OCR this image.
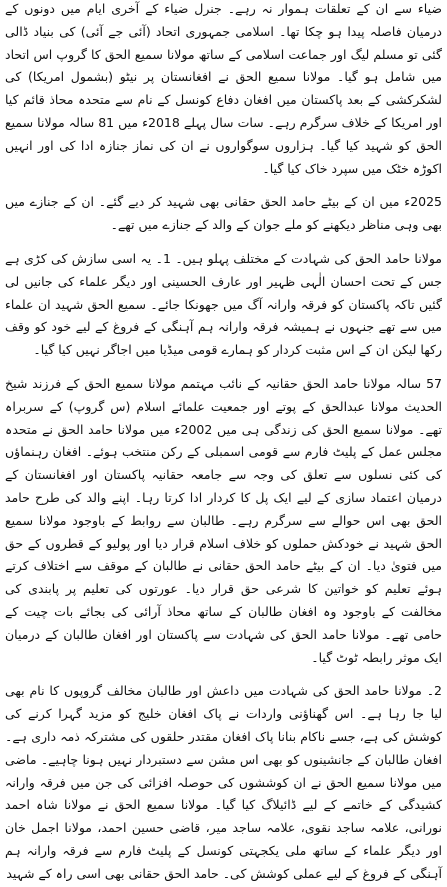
ضیاء سے ان کے تعلقات ہموار نہ رہے۔ جنرل ضیاء کے آخری ایام میں دونوں کے درمیان فاصلہ پیدا ہو چکا تھا۔ اسلامی جمہوری اتحاد (آئی جے آئی) کی بنیاد ڈالی گئی تو مسلم لیگ اور جماعت اسلامی کے ساتھ مولانا سمیع الحق کا گروپ اس اتحاد میں شامل ہو گیا۔ مولانا سمیع الحق نے افغانستان پر نیٹو (بشمول امریکا) کی لشکرکشی کے بعد پاکستان میں افغان دفاع کونسل کے نام سے متحدہ محاذ قائم کیا اور امریکا کے خلاف سرگرم رہے۔ سات سال پہلے 2018ء میں 81 سالہ مولانا سمیع الحق کو شہید کیا گیا۔ ہزاروں سوگواروں نے ان کی نماز جنازہ ادا کی اور انہیں اکوڑہ خٹک میں سپرد خاک کیا گیا۔

2025ء میں ان کے بیٹے حامد الحق حقانی بھی شہید کر دیے گئے۔ ان کے جنازے میں بھی وہی مناظر دیکھنے کو ملے جوان کے والد کے جنازے میں تھے۔

مولانا حامد الحق کی شہادت کے مختلف پہلو ہیں۔ 1۔ یہ اسی سازش کی کڑی ہے جس کے تحت احسان الٰہی ظہیر اور عارف الحسینی اور دیگر علماء کی جانیں لی گئیں تاکہ پاکستان کو فرقہ وارانہ آگ میں جھونکا جائے۔ سمیع الحق شہید ان علماء میں سے تھے جنہوں نے ہمیشہ فرقہ وارانہ ہم آہنگی کے فروغ کے لیے خود کو وقف رکھا لیکن ان کے اس مثبت کردار کو ہمارے قومی میڈیا میں اجاگر نہیں کیا گیا۔

57 سالہ مولانا حامد الحق حقانیہ کے نائب مہتمم مولانا سمیع الحق کے فرزند شیخ الحدیث مولانا عبدالحق کے پوتے اور جمعیت علمائے اسلام (س گروپ) کے سربراہ تھے۔ مولانا سمیع الحق کی زندگی ہی میں 2002ء میں مولانا حامد الحق نے متحدہ مجلس عمل کے پلیٹ فارم سے قومی اسمبلی کے رکن منتخب ہوئے۔ افغان رہنماؤں کی کئی نسلوں سے تعلق کی وجہ سے جامعہ حقانیہ پاکستان اور افغانستان کے درمیان اعتماد سازی کے لیے ایک پل کا کردار ادا کرتا رہا۔ اپنے والد کی طرح حامد الحق بھی اس حوالے سے سرگرم رہے۔ طالبان سے روابط کے باوجود مولانا سمیع الحق شہید نے خودکش حملوں کو خلاف اسلام قرار دیا اور پولیو کے قطروں کے حق میں فتویٰ دیا۔ ان کے بیٹے حامد الحق حقانی نے طالبان کے موقف سے اختلاف کرتے ہوئے تعلیم کو خواتین کا شرعی حق قرار دیا۔ عورتوں کی تعلیم پر پابندی کی مخالفت کے باوجود وہ افغان طالبان کے ساتھ محاذ آرائی کی بجائے بات چیت کے حامی تھے۔ مولانا حامد الحق کی شہادت سے پاکستان اور افغان طالبان کے درمیان ایک موثر رابطہ ٹوٹ گیا۔

2۔ مولانا حامد الحق کی شہادت میں داعش اور طالبان مخالف گروپوں کا نام بھی لیا جا رہا ہے۔ اس گھناؤنی واردات نے پاک افغان خلیج کو مزید گہرا کرنے کی کوشش کی ہے، جسے ناکام بنانا پاک افغان مقتدر حلقوں کی مشترکہ ذمہ داری ہے۔ افغان طالبان کے جانشینوں کو بھی اس مشن سے دستبردار نہیں ہونا چاہیے۔ ماضی میں مولانا سمیع الحق نے ان کوششوں کی حوصلہ افزائی کی جن میں فرقہ وارانہ کشیدگی کے خاتمے کے لیے ڈائیلاگ کیا گیا۔ مولانا سمیع الحق نے مولانا شاہ احمد نورانی، علامہ ساجد نقوی، علامہ ساجد میر، قاضی حسین احمد، مولانا اجمل خان اور دیگر علماء کے ساتھ ملی یکجہتی کونسل کے پلیٹ فارم سے فرقہ وارانہ ہم آہنگی کے فروغ کے لیے عملی کوشش کی۔ حامد الحق حقانی بھی اسی راہ کے شہید
